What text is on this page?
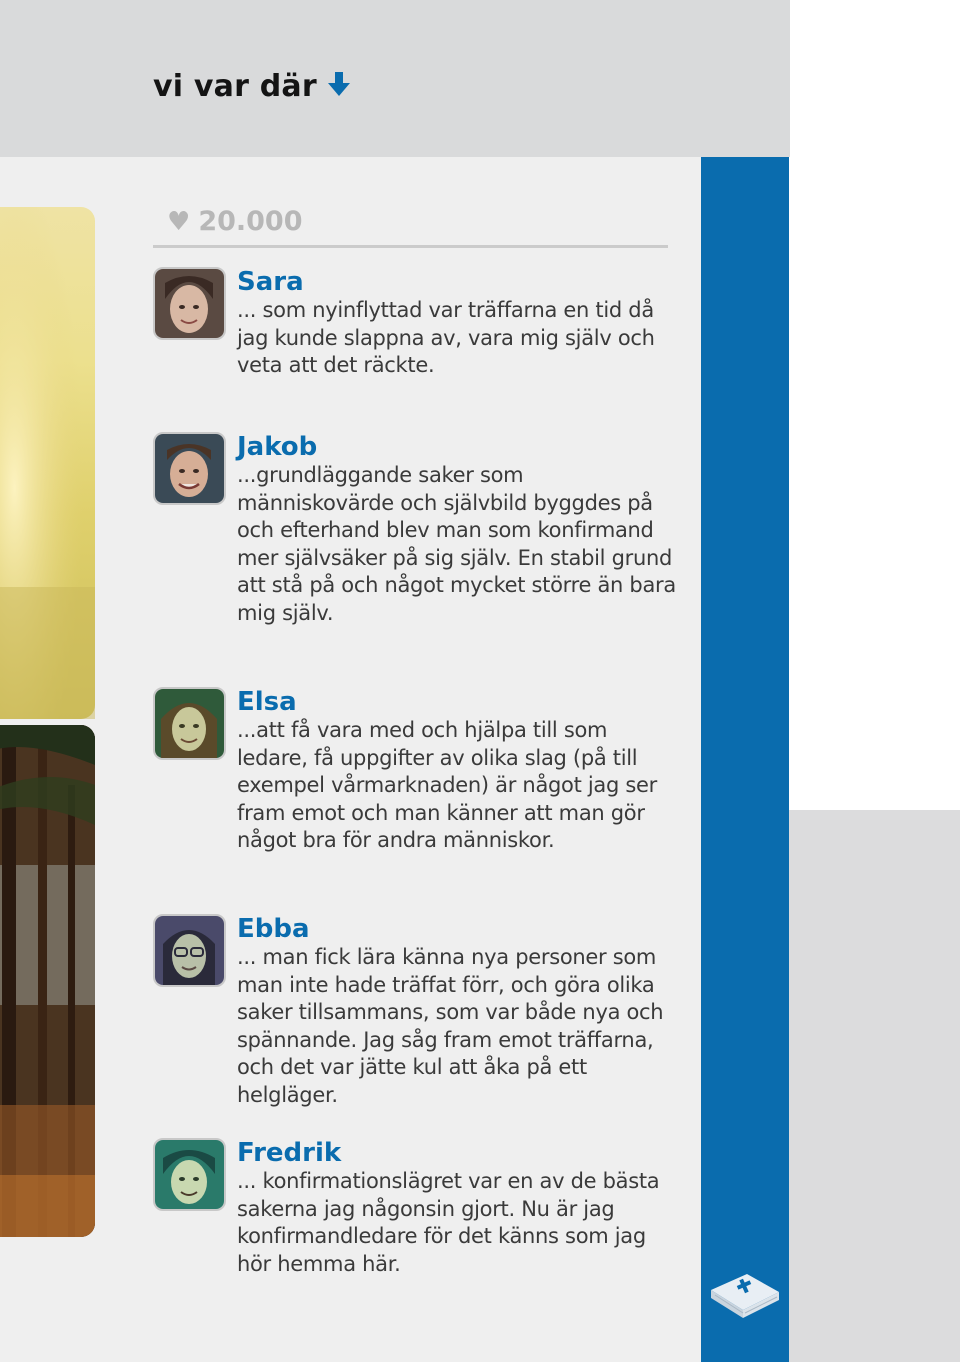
vi var där
♥ 20.000
Sara
... som nyinflyttad var träffarna en tid då jag kunde slappna av, vara mig själv och veta att det räckte.
Jakob
...grundläggande saker som människovärde och självbild byggdes på och efterhand blev man som konfirmand mer självsäker på sig själv. En stabil grund att stå på och något mycket större än bara mig själv.
Elsa
...att få vara med och hjälpa till som ledare, få uppgifter av olika slag (på till exempel vårmarknaden) är något jag ser fram emot och man känner att man gör något bra för andra människor.
Ebba
... man fick lära känna nya personer som man inte hade träffat förr, och göra olika saker tillsammans, som var både nya och spännande. Jag såg fram emot träffarna, och det var jätte kul att åka på ett helgläger.
Fredrik
... konfirmationslägret var en av de bästa sakerna jag någonsin gjort. Nu är jag konfirmandledare för det känns som jag hör hemma här.
